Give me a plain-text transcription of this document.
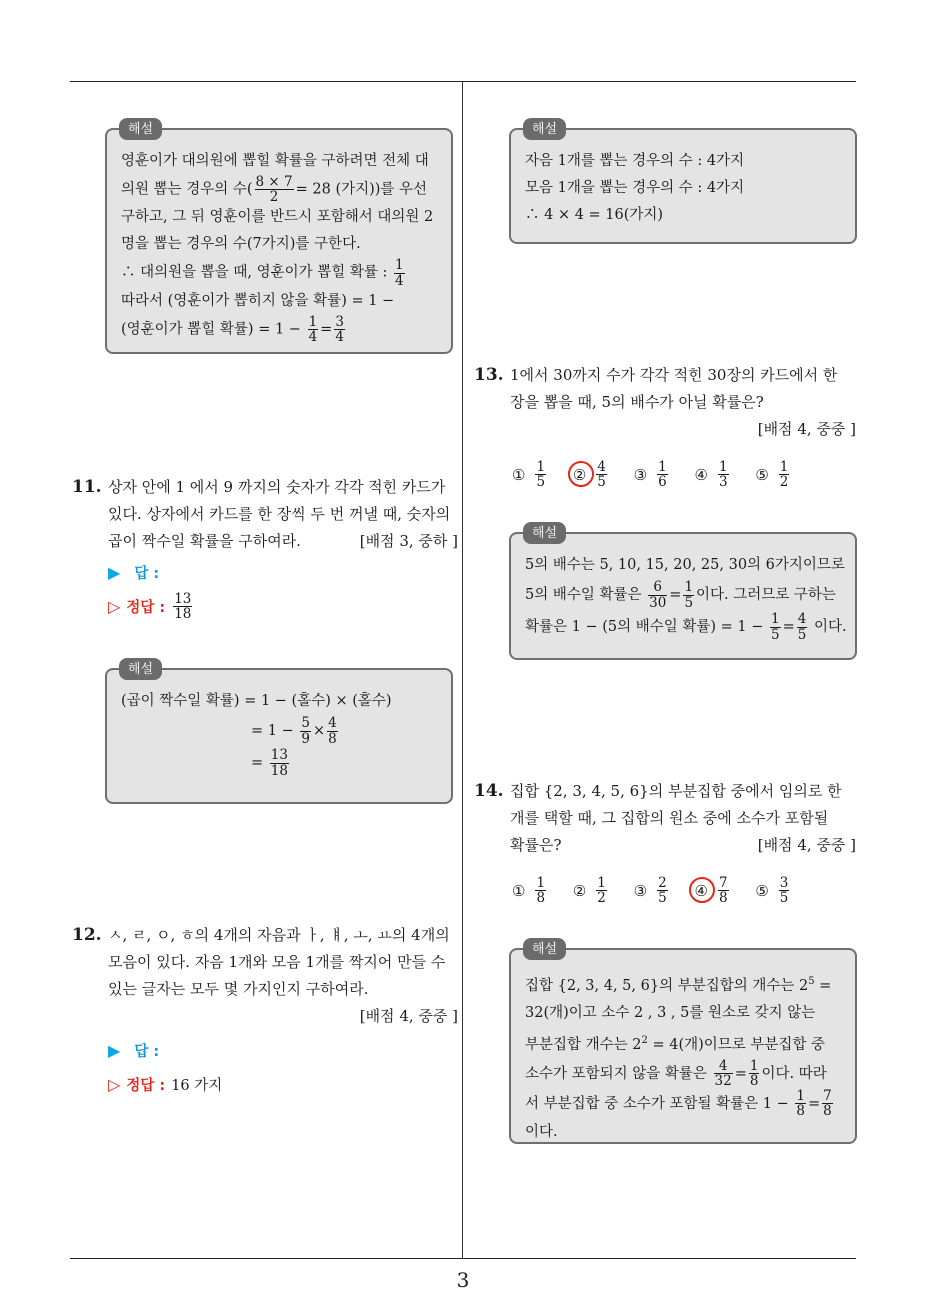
3
해설
영훈이가 대의원에 뽑힐 확률을 구하려면 전체 대
의원 뽑는 경우의 수( $\frac{8 \times 7}{2} = 28$ (가지))를 우선
구하고, 그 뒤 영훈이를 반드시 포함해서 대의원 2
명을 뽑는 경우의 수(7가지)를 구한다.
∴ 대의원을 뽑을 때, 영훈이가 뽑힐 확률 : $\frac{1}{4}$
따라서 (영훈이가 뽑히지 않을 확률) = 1 −
(영훈이가 뽑힐 확률) = $1 - \frac{1}{4} = \frac{3}{4}$
11. 상자 안에 1 에서 9 까지의 숫자가 각각 적힌 카드가
있다. 상자에서 카드를 한 장씩 두 번 꺼낼 때, 숫자의
곱이 짝수일 확률을 구하여라.	[배점 3, 중하 ]
▶ 답 :
▷ 정답 : $\frac{13}{18}$
해설
(곱이 짝수일 확률) = 1 − (홀수) × (홀수)
= $1 - \frac{5}{9} \times \frac{4}{8}$
= $\frac{13}{18}$
12. ㅅ, ㄹ, ㅇ, ㅎ의 4개의 자음과 ㅏ, ㅒ, ㅗ, ㅛ의 4개의
모음이 있다. 자음 1개와 모음 1개를 짝지어 만들 수
있는 글자는 모두 몇 가지인지 구하여라.
[배점 4, 중중 ]
▶ 답 :
▷ 정답 : 16 가지
해설
자음 1개를 뽑는 경우의 수 : 4가지
모음 1개을 뽑는 경우의 수 : 4가지
∴ 4 × 4 = 16(가지)
13. 1에서 30까지 수가 각각 적힌 30장의 카드에서 한
장을 뽑을 때, 5의 배수가 아닐 확률은?
[배점 4, 중중 ]
① $\frac{1}{5}$
② $\frac{4}{5}$
③ $\frac{1}{6}$
④ $\frac{1}{3}$
⑤ $\frac{1}{2}$
해설
5의 배수는 5, 10, 15, 20, 25, 30의 6가지이므로
5의 배수일 확률은 $\frac{6}{30} = \frac{1}{5}$ 이다. 그러므로 구하는
확률은 1 − (5의 배수일 확률) = $1 - \frac{1}{5} = \frac{4}{5}$ 이다.
14. 집합 {2, 3, 4, 5, 6}의 부분집합 중에서 임의로 한
개를 택할 때, 그 집합의 원소 중에 소수가 포함될
확률은?	[배점 4, 중중 ]
① $\frac{1}{8}$
② $\frac{1}{2}$
③ $\frac{2}{5}$
④ $\frac{7}{8}$
⑤ $\frac{3}{5}$
해설
집합 {2, 3, 4, 5, 6}의 부분집합의 개수는 $2^5$ =
32(개)이고 소수 2 , 3 , 5를 원소로 갖지 않는
부분집합 개수는 $2^2 = 4$(개)이므로 부분집합 중
소수가 포함되지 않을 확률은 $\frac{4}{32} = \frac{1}{8}$ 이다. 따라
서 부분집합 중 소수가 포함될 확률은 $1 - \frac{1}{8} = \frac{7}{8}$
이다.
